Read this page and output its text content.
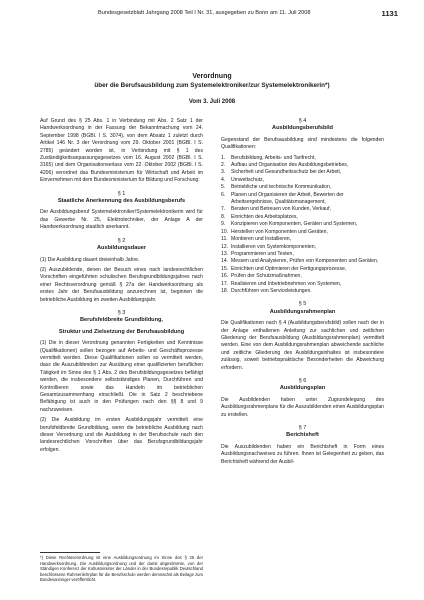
Bundesgesetzblatt Jahrgang 2008 Teil I Nr. 31, ausgegeben zu Bonn am 11. Juli 2008	1131
Verordnung
über die Berufsausbildung zum Systemelektroniker/zur Systemelektronikerin*)
Vom 3. Juli 2008

Auf Grund des § 25 Abs. 1 in Verbindung mit Abs. 2 Satz 1 der Handwerksordnung in der Fassung der Bekanntmachung vom 24. September 1998 (BGBl. I S. 3074), von dem Absatz 1 zuletzt durch Artikel 146 Nr. 3 der Verordnung vom 29. Oktober 2001 (BGBl. I S. 2785) geändert worden ist, in Verbindung mit § 1 des Zuständigkeitsanpassungsgesetzes vom 16. August 2002 (BGBl. I S. 3165) und dem Organisationserlass vom 22. Oktober 2002 (BGBl. I S. 4206) verordnet das Bundesministerium für Wirtschaft und Arbeit im Einvernehmen mit dem Bundesministerium für Bildung und Forschung:

§ 1
Staatliche Anerkennung des Ausbildungsberufs

Der Ausbildungsberuf Systemelektroniker/Systemelektronikerin wird für das Gewerbe Nr. 25, Elektrotechniker, der Anlage A der Handwerksordnung staatlich anerkannt.

§ 2
Ausbildungsdauer

(1) Die Ausbildung dauert dreieinhalb Jahre.

(2) Auszubildende, denen der Besuch eines nach landesrechtlichen Vorschriften eingeführten schulischen Berufsgrundbildungsjahres nach einer Rechtsverordnung gemäß § 27a der Handwerksordnung als erstes Jahr der Berufsausbildung anzurechnen ist, beginnen die betriebliche Ausbildung im zweiten Ausbildungsjahr.

§ 3
Berufsfeldbreite Grundbildung,
Struktur und Zielsetzung der Berufsausbildung

(1) Die in dieser Verordnung genannten Fertigkeiten und Kenntnisse (Qualifikationen) sollen bezogen auf Arbeits- und Geschäftsprozesse vermittelt werden. Diese Qualifikationen sollen so vermittelt werden, dass die Auszubildenden zur Ausübung einer qualifizierten beruflichen Tätigkeit im Sinne des § 1 Abs. 2 des Berufsbildungsgesetzes befähigt werden, die insbesondere selbstständiges Planen, Durchführen und Kontrollieren sowie das Handeln im betrieblichen Gesamtzusammenhang einschließt. Die in Satz 2 beschriebene Befähigung ist auch in den Prüfungen nach den §§ 8 und 9 nachzuweisen.

(2) Die Ausbildung im ersten Ausbildungsjahr vermittelt eine berufsfeldbreite Grundbildung, wenn die betriebliche Ausbildung nach dieser Verordnung und die Ausbildung in der Berufsschule nach den landesrechtlichen Vorschriften über das Berufsgrundbildungsjahr erfolgen.

*) Diese Rechtsverordnung ist eine Ausbildungsordnung im Sinne des § 25 der Handwerksordnung. Die Ausbildungsordnung und der damit abgestimmte, von der Ständigen Konferenz der Kultusminister der Länder in der Bundesrepublik Deutschland beschlossene Rahmenlehrplan für die Berufsschule werden demnächst als Beilage zum Bundesanzeiger veröffentlicht.
§ 4
Ausbildungsberufsbild

Gegenstand der Berufsausbildung sind mindestens die folgenden Qualifikationen:

1.	Berufsbildung, Arbeits- und Tarifrecht,
2.	Aufbau und Organisation des Ausbildungsbetriebes,
3.	Sicherheit und Gesundheitsschutz bei der Arbeit,
4.	Umweltschutz,
5.	Betriebliche und technische Kommunikation,
6.	Planen und Organisieren der Arbeit, Bewerten der Arbeitsergebnisse, Qualitätsmanagement,
7.	Beraten und Betreuen von Kunden, Verkauf,
8.	Einrichten des Arbeitsplatzes,
9.	Konzipieren von Komponenten, Geräten und Systemen,
10. Herstellen von Komponenten und Geräten,
11. Montieren und Installieren,
12. Installieren von Systemkomponenten,
13. Programmieren und Testen,
14. Messen und Analysieren, Prüfen von Komponenten und Geräten,
15. Einrichten und Optimieren der Fertigungsprozesse,
16. Prüfen der Schutzmaßnahmen,
17. Realisieren und Inbetriebnehmen von Systemen,
18. Durchführen von Serviceleistungen.
§ 5
Ausbildungsrahmenplan

Die Qualifikationen nach § 4 (Ausbildungsberufsbild) sollen nach der in der Anlage enthaltenen Anleitung zur sachlichen und zeitlichen Gliederung der Berufsausbildung (Ausbildungsrahmenplan) vermittelt werden. Eine von dem Ausbildungsrahmenplan abweichende sachliche und zeitliche Gliederung des Ausbildungsinhaltes ist insbesondere zulässig, soweit betriebspraktische Besonderheiten die Abweichung erfordern.

§ 6
Ausbildungsplan

Die Ausbildenden haben unter Zugrundelegung des Ausbildungsrahmenplans für die Auszubildenden einen Ausbildungsplan zu erstellen.

§ 7
Berichtsheft

Die Auszubildenden haben ein Berichtsheft in Form eines Ausbildungsnachweises zu führen. Ihnen ist Gelegenheit zu geben, das Berichtsheft während der Ausbil-
